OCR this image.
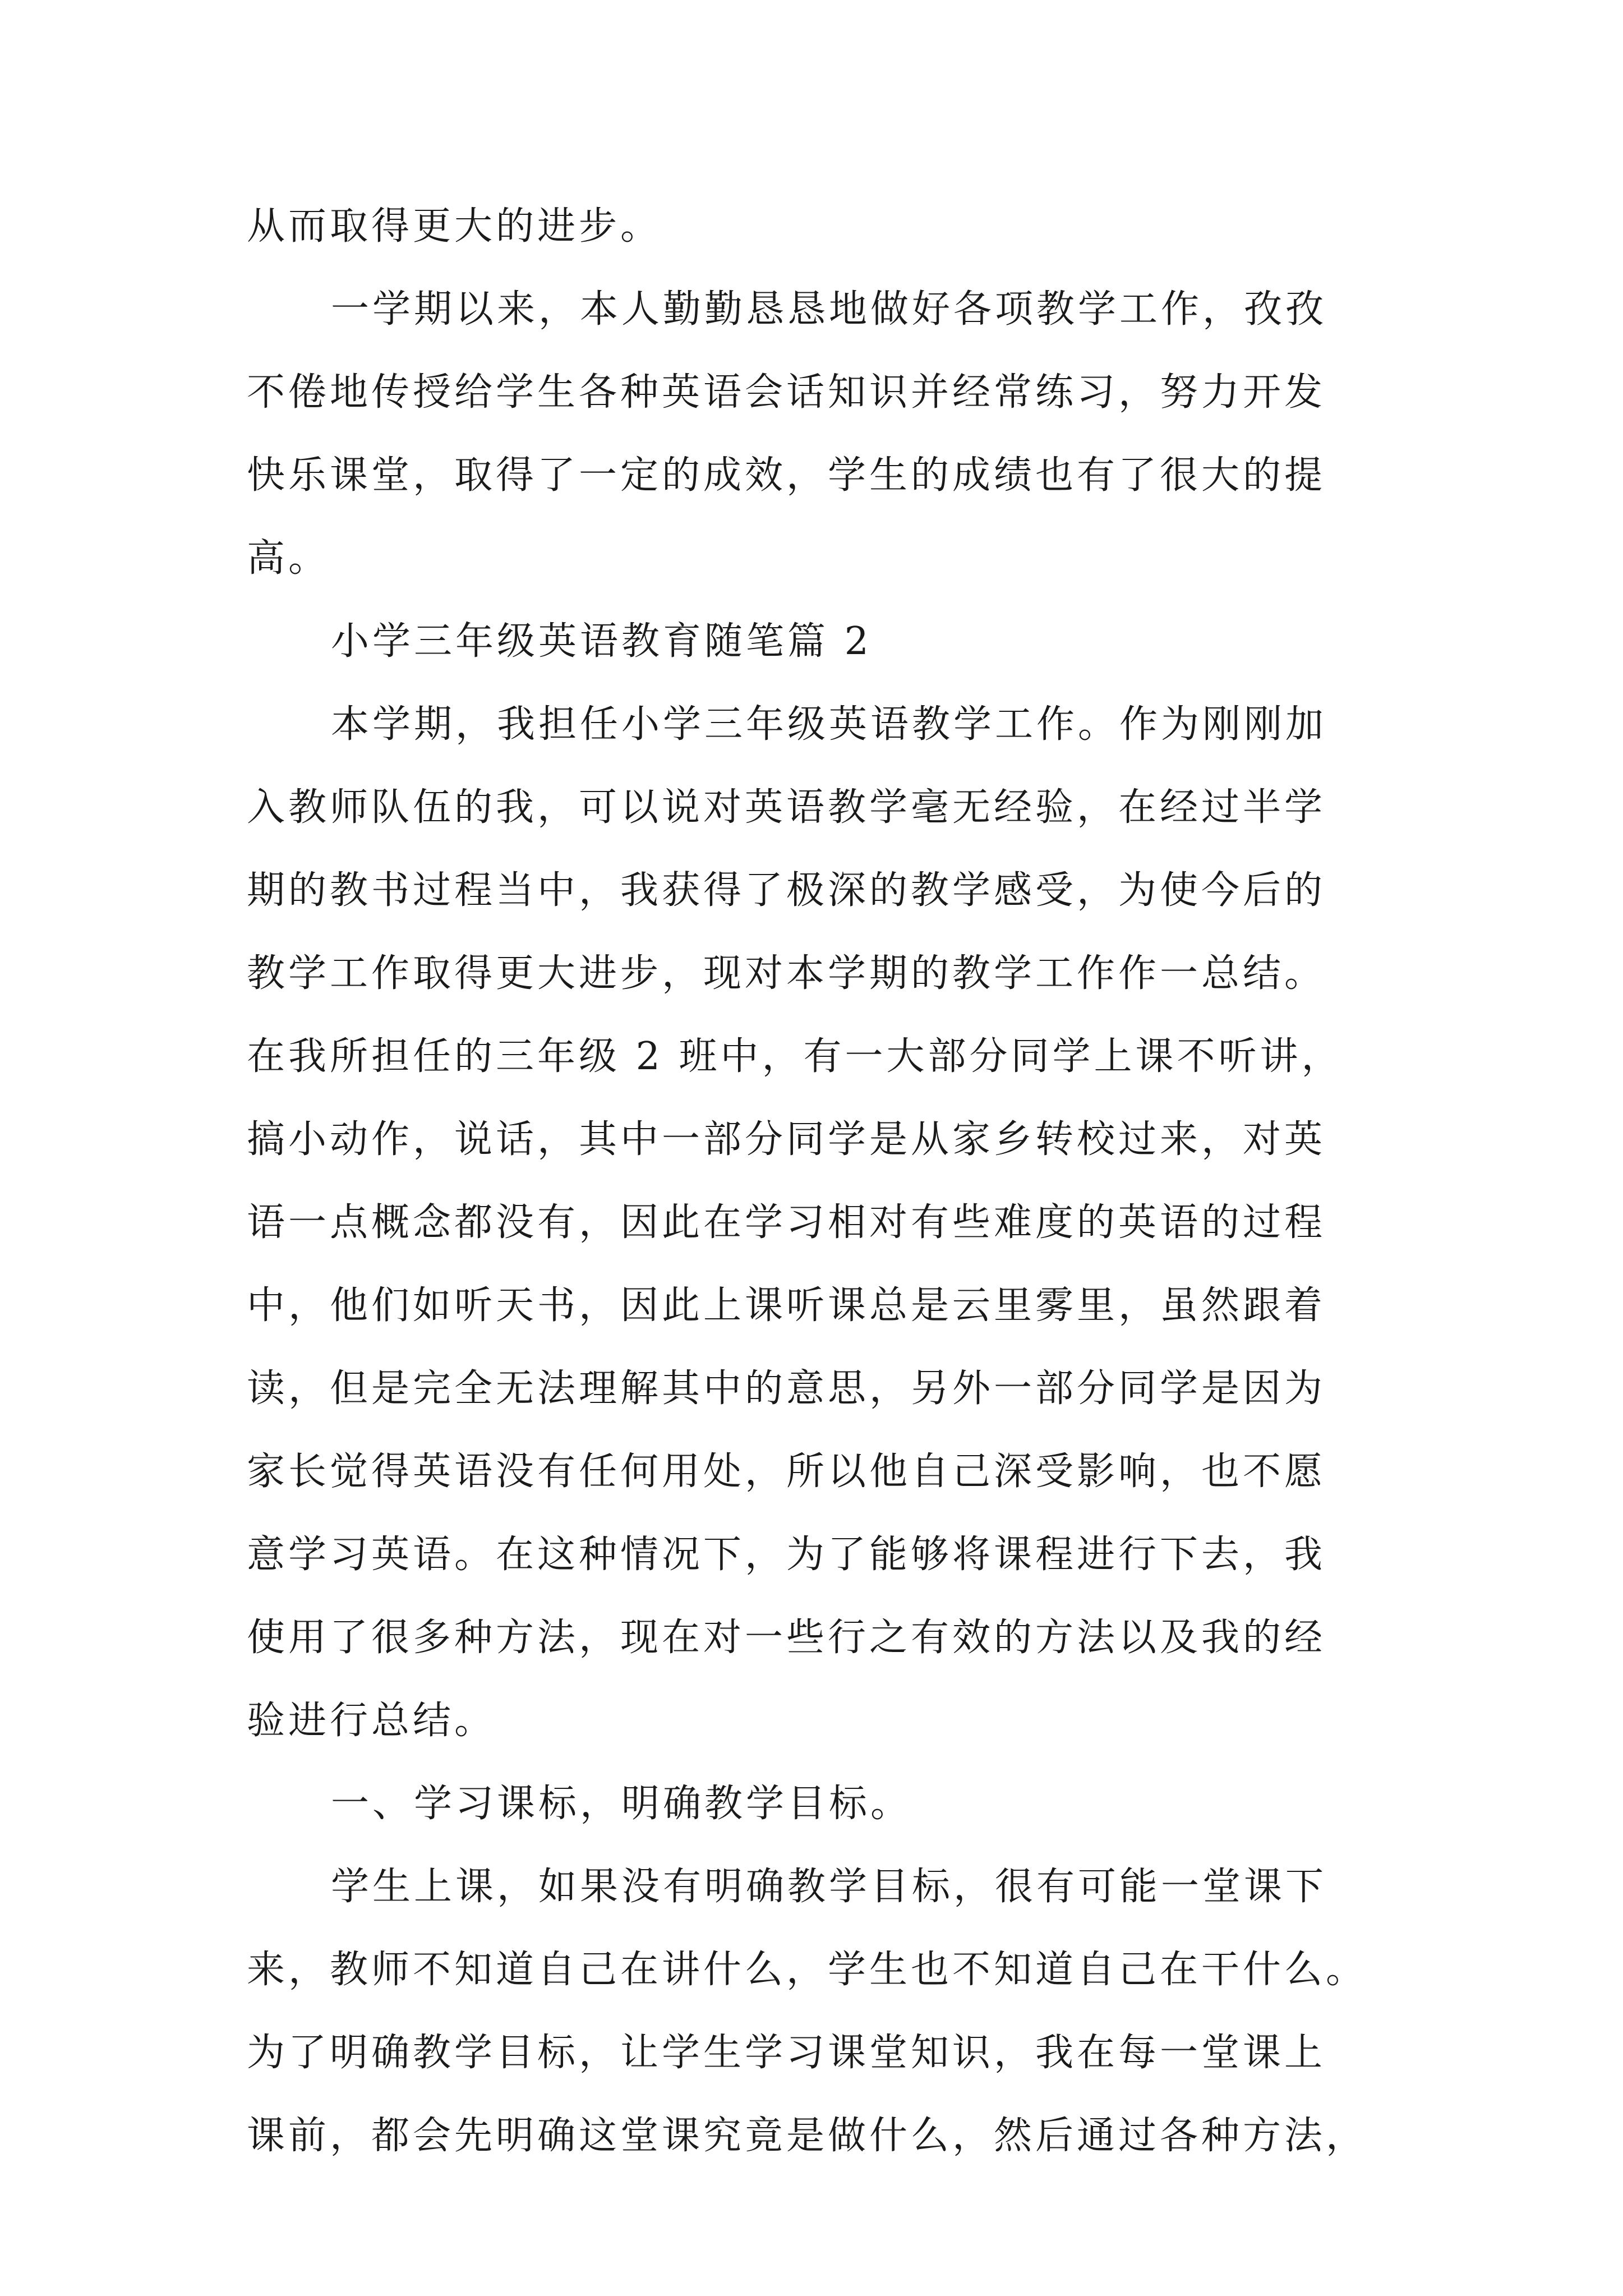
从而取得更大的进步。
一学期以来，本人勤勤恳恳地做好各项教学工作，孜孜
不倦地传授给学生各种英语会话知识并经常练习，努力开发
快乐课堂，取得了一定的成效，学生的成绩也有了很大的提
高。
小学三年级英语教育随笔篇 2
本学期，我担任小学三年级英语教学工作。作为刚刚加
入教师队伍的我，可以说对英语教学毫无经验，在经过半学
期的教书过程当中，我获得了极深的教学感受，为使今后的
教学工作取得更大进步，现对本学期的教学工作作一总结。
在我所担任的三年级 2 班中，有一大部分同学上课不听讲，
搞小动作，说话，其中一部分同学是从家乡转校过来，对英
语一点概念都没有，因此在学习相对有些难度的英语的过程
中，他们如听天书，因此上课听课总是云里雾里，虽然跟着
读，但是完全无法理解其中的意思，另外一部分同学是因为
家长觉得英语没有任何用处，所以他自己深受影响，也不愿
意学习英语。在这种情况下，为了能够将课程进行下去，我
使用了很多种方法，现在对一些行之有效的方法以及我的经
验进行总结。
一、学习课标，明确教学目标。
学生上课，如果没有明确教学目标，很有可能一堂课下
来，教师不知道自己在讲什么，学生也不知道自己在干什么。
为了明确教学目标，让学生学习课堂知识，我在每一堂课上
课前，都会先明确这堂课究竟是做什么，然后通过各种方法，
